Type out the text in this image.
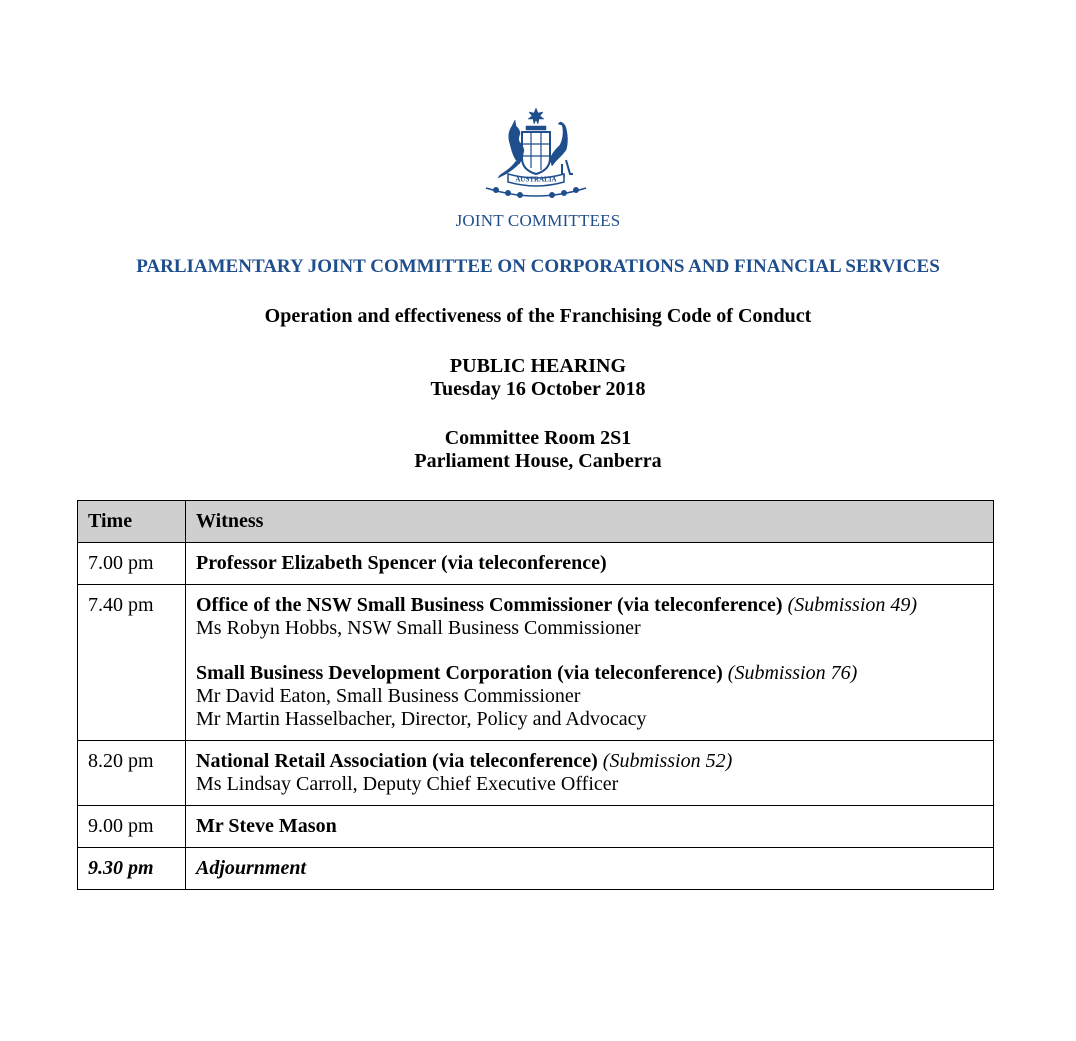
AUSTRALIA
JOINT COMMITTEES
PARLIAMENTARY JOINT COMMITTEE ON CORPORATIONS AND FINANCIAL SERVICES
Operation and effectiveness of the Franchising Code of Conduct
PUBLIC HEARING
Tuesday 16 October 2018
Committee Room 2S1
Parliament House, Canberra
Time	Witness
7.00 pm	Professor Elizabeth Spencer (via teleconference)

7.40 pm	Office of the NSW Small Business Commissioner (via teleconference) (Submission 49)
Ms Robyn Hobbs, NSW Small Business Commissioner
Small Business Development Corporation (via teleconference) (Submission 76)
Mr David Eaton, Small Business Commissioner
Mr Martin Hasselbacher, Director, Policy and Advocacy

8.20 pm	National Retail Association (via teleconference) (Submission 52)
Ms Lindsay Carroll, Deputy Chief Executive Officer

9.00 pm	Mr Steve Mason

9.30 pm	Adjournment
